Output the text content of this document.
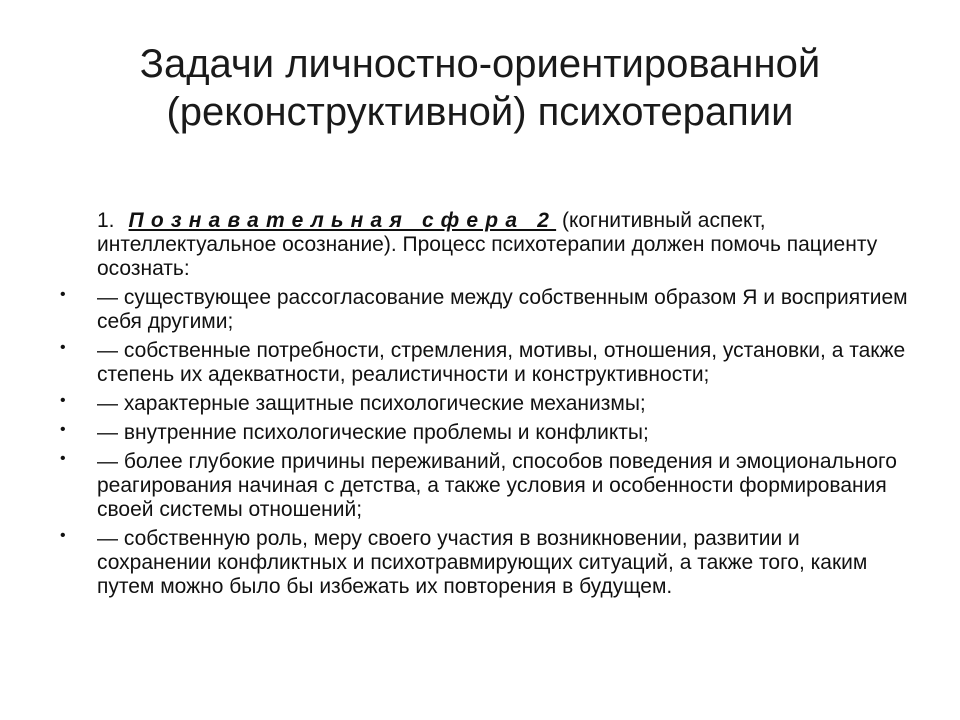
Задачи личностно-ориентированной
(реконструктивной) психотерапии

1. Познавательная сфера 2 (когнитивный аспект, интеллектуальное осознание). Процесс психотерапии должен помочь пациенту осознать:

• — существующее рассогласование между собственным образом Я и восприятием себя другими;

• — собственные потребности, стремления, мотивы, отношения, установки, а также степень их адекватности, реалистичности и конструктивности;

• — характерные защитные психологические механизмы;

• — внутренние психологические проблемы и конфликты;

• — более глубокие причины переживаний, способов поведения и эмоционального реагирования начиная с детства, а также условия и особенности формирования своей системы отношений;

• — собственную роль, меру своего участия в возникновении, развитии и сохранении конфликтных и психотравмирующих ситуаций, а также того, каким путем можно было бы избежать их повторения в будущем.
